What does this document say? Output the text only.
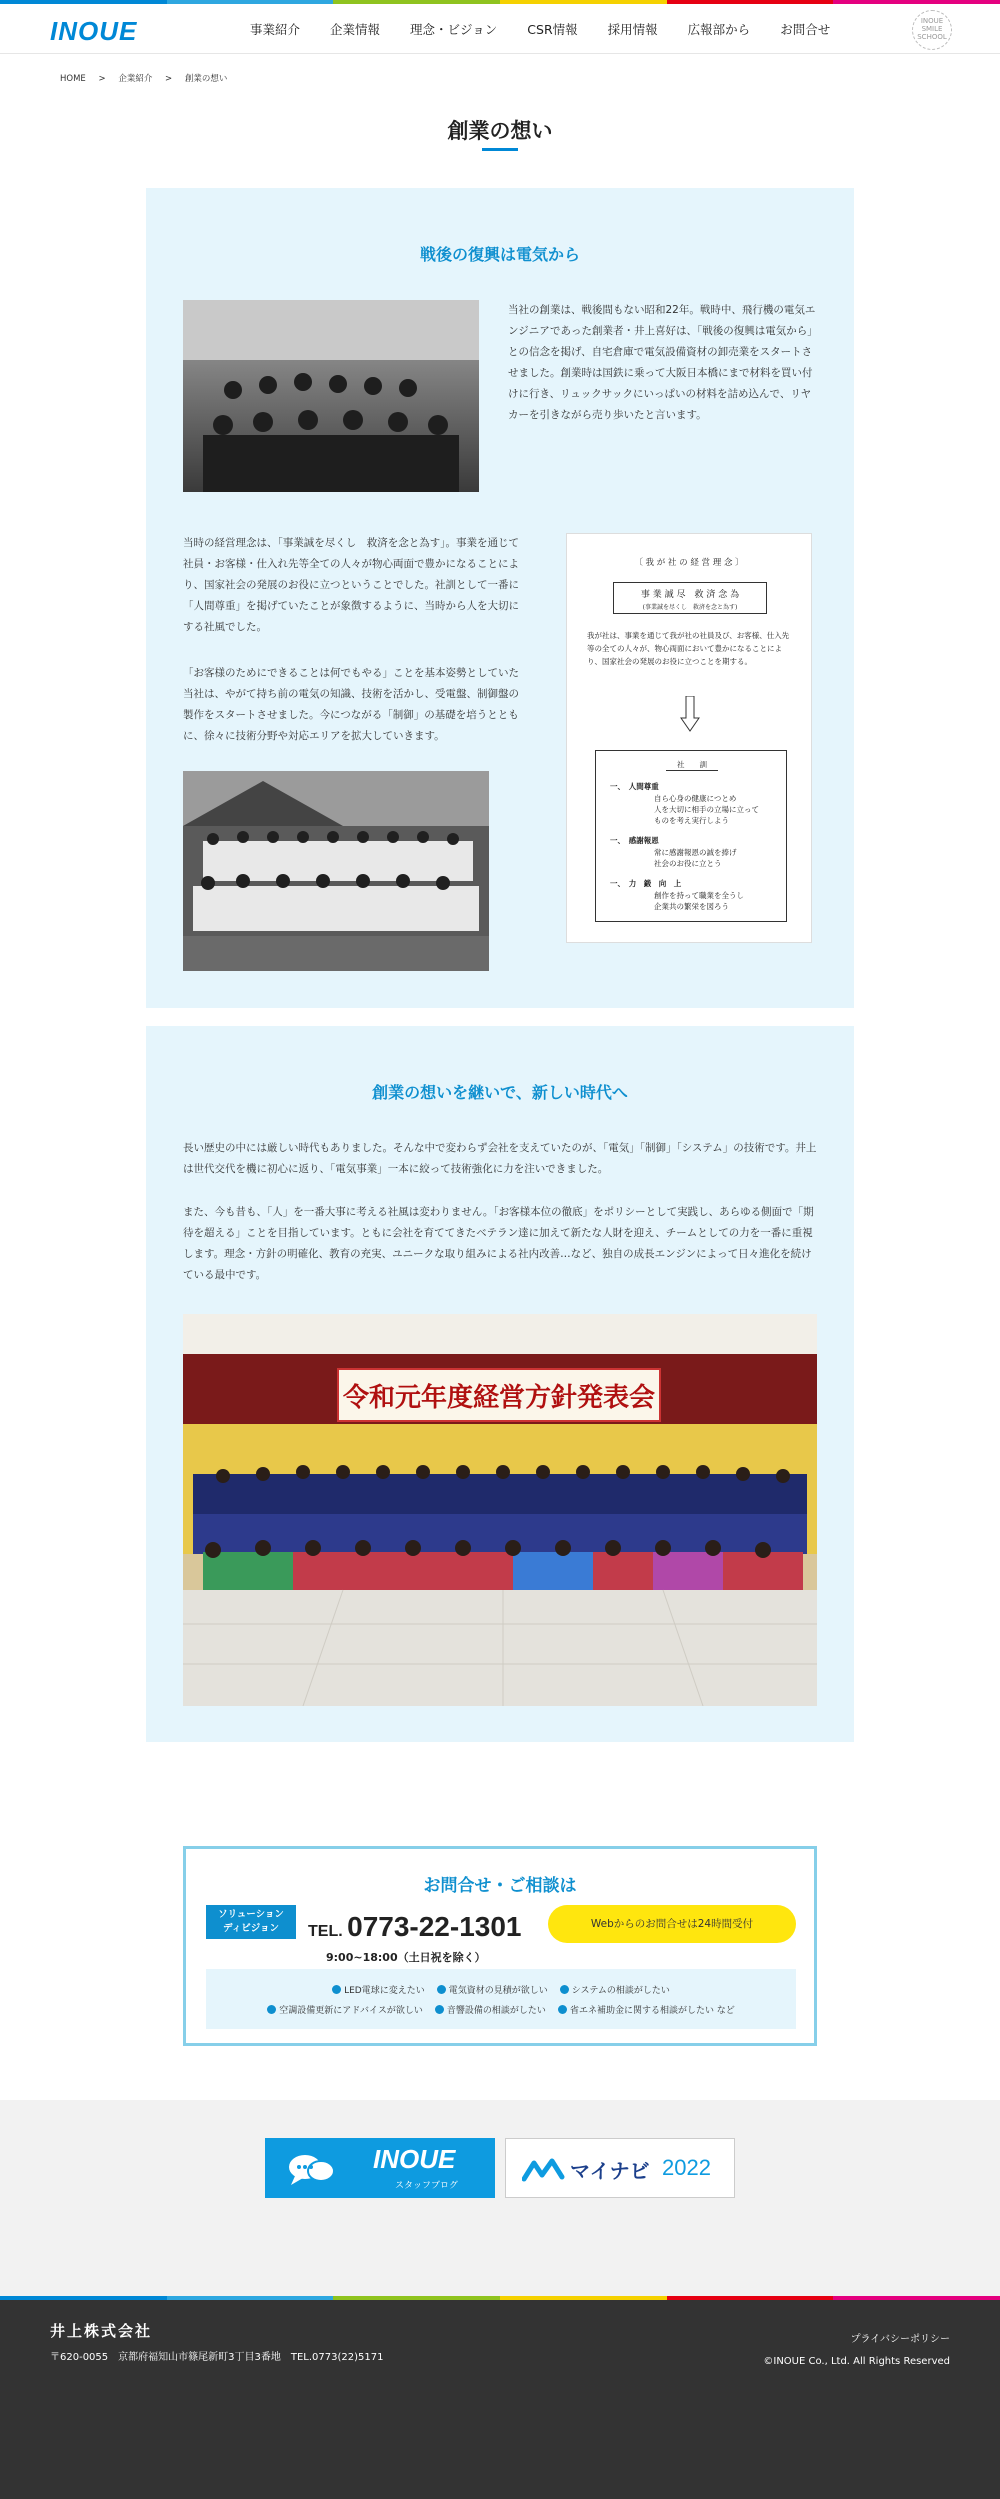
INOUE	事業紹介 企業情報 理念・ビジョン CSR情報 採用情報 広報部から お問合せ
INOUE SMILE SCHOOL
HOME > 企業紹介 > 創業の想い
創業の想い
戦後の復興は電気から

当社の創業は、戦後間もない昭和22年。戦時中、飛行機の電気エンジニアであった創業者・井上喜好は、「戦後の復興は電気から」との信念を掲げ、自宅倉庫で電気設備資材の卸売業をスタートさせました。創業時は国鉄に乗って大阪日本橋にまで材料を買い付けに行き、リュックサックにいっぱいの材料を詰め込んで、リヤカーを引きながら売り歩いたと言います。

当時の経営理念は、「事業誠を尽くし　救済を念と為す」。事業を通じて社員・お客様・仕入れ先等全ての人々が物心両面で豊かになることにより、国家社会の発展のお役に立つということでした。社訓として一番に「人間尊重」を掲げていたことが象徴するように、当時から人を大切にする社風でした。

「お客様のためにできることは何でもやる」ことを基本姿勢としていた当社は、やがて持ち前の電気の知識、技術を活かし、受電盤、制御盤の製作をスタートさせました。今につながる「制御」の基礎を培うとともに、徐々に技術分野や対応エリアを拡大していきます。

〔 我 が 社 の 経 営 理 念 〕
事 業 誠 尽　救 済 念 為
(事業誠を尽くし　救済を念と為す)
我が社は、事業を通じて我が社の社員及び、お客様、仕入先等の全ての人々が、物心両面において豊かになることにより、国家社会の発展のお役に立つことを期する。
社　　訓
一、　人間尊重
自ら心身の健康につとめ
人を大切に相手の立場に立って
ものを考え実行しよう
一、　感謝報恩
常に感謝報恩の誠を捧げ
社会のお役に立とう
一、　力　鍛　向　上
創作を持って職業を全うし
企業共の繁栄を図ろう
創業の想いを継いで、新しい時代へ

長い歴史の中には厳しい時代もありました。そんな中で変わらず会社を支えていたのが、「電気」「制御」「システム」の技術です。井上は世代交代を機に初心に返り、「電気事業」一本に絞って技術強化に力を注いできました。

また、今も昔も、「人」を一番大事に考える社風は変わりません。「お客様本位の徹底」をポリシーとして実践し、あらゆる側面で「期待を超える」ことを目指しています。ともに会社を育ててきたベテラン達に加えて新たな人財を迎え、チームとしての力を一番に重視します。理念・方針の明確化、教育の充実、ユニークな取り組みによる社内改善…など、独自の成長エンジンによって日々進化を続けている最中です。

令和元年度経営方針発表会
お問合せ・ご相談は
ソリューション
ディビジョン	TEL. 0773-22-1301
9:00~18:00（土日祝を除く）
Webからのお問合せは24時間受付
LED電球に変えたい	電気資材の見積が欲しい	システムの相談がしたい
空調設備更新にアドバイスが欲しい	音響設備の相談がしたい	省エネ補助金に関する相談がしたい など
INOUE
スタッフブログ
マイナビ 2022
井上株式会社
〒620-0055　京都府福知山市篠尾新町3丁目3番地　TEL.0773(22)5171
プライバシーポリシー
©INOUE Co., Ltd. All Rights Reserved
